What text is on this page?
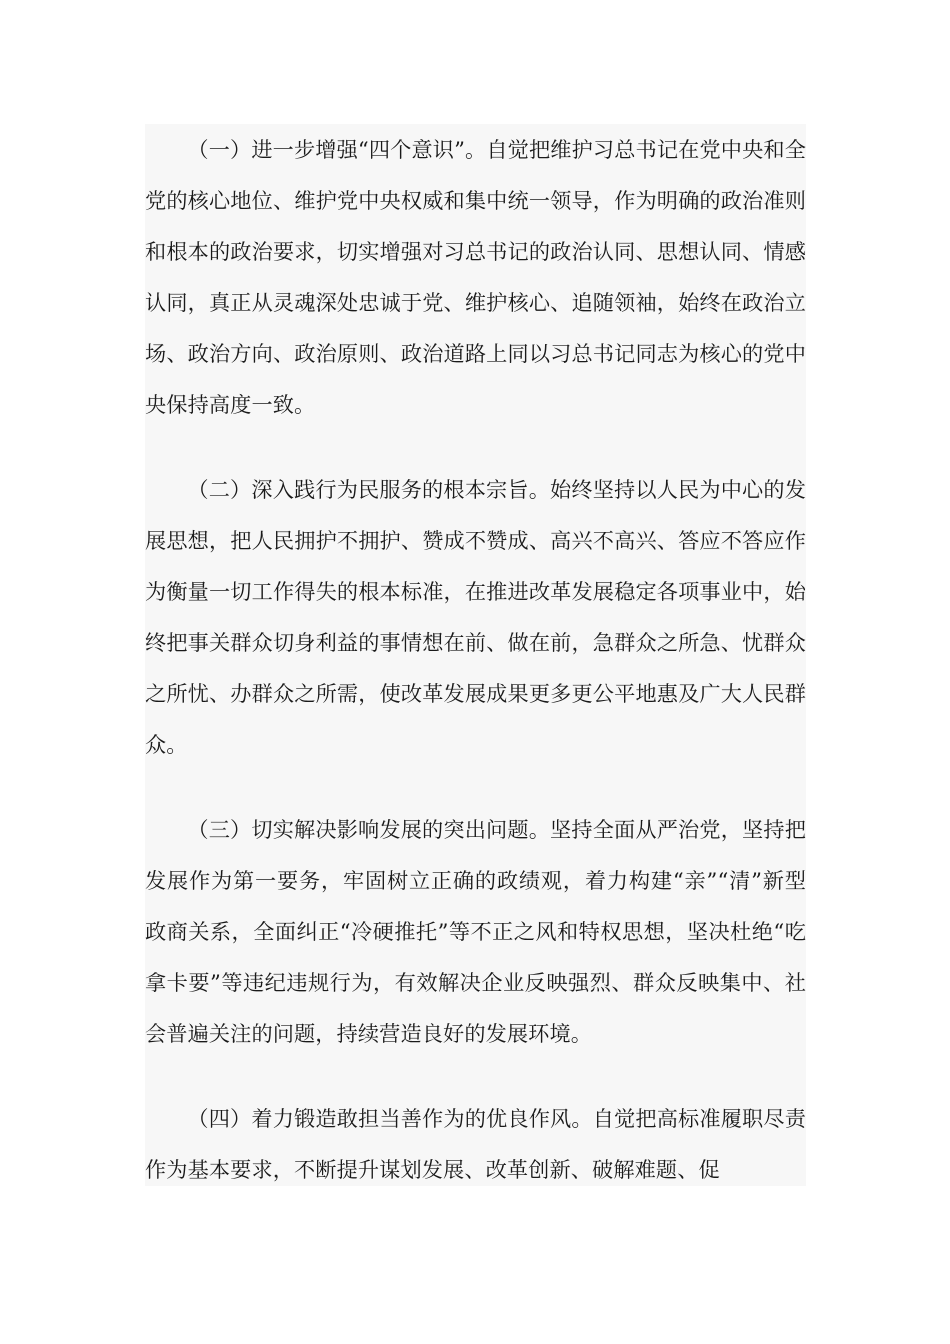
（一）进一步增强“四个意识”。自觉把维护习总书记在党中央和全党的核心地位、维护党中央权威和集中统一领导，作为明确的政治准则和根本的政治要求，切实增强对习总书记的政治认同、思想认同、情感认同，真正从灵魂深处忠诚于党、维护核心、追随领袖，始终在政治立场、政治方向、政治原则、政治道路上同以习总书记同志为核心的党中央保持高度一致。

（二）深入践行为民服务的根本宗旨。始终坚持以人民为中心的发展思想，把人民拥护不拥护、赞成不赞成、高兴不高兴、答应不答应作为衡量一切工作得失的根本标准，在推进改革发展稳定各项事业中，始终把事关群众切身利益的事情想在前、做在前，急群众之所急、忧群众之所忧、办群众之所需，使改革发展成果更多更公平地惠及广大人民群众。

（三）切实解决影响发展的突出问题。坚持全面从严治党，坚持把发展作为第一要务，牢固树立正确的政绩观，着力构建“亲”“清”新型政商关系，全面纠正“冷硬推托”等不正之风和特权思想，坚决杜绝“吃拿卡要”等违纪违规行为，有效解决企业反映强烈、群众反映集中、社会普遍关注的问题，持续营造良好的发展环境。

（四）着力锻造敢担当善作为的优良作风。自觉把高标准履职尽责作为基本要求，不断提升谋划发展、改革创新、破解难题、促
